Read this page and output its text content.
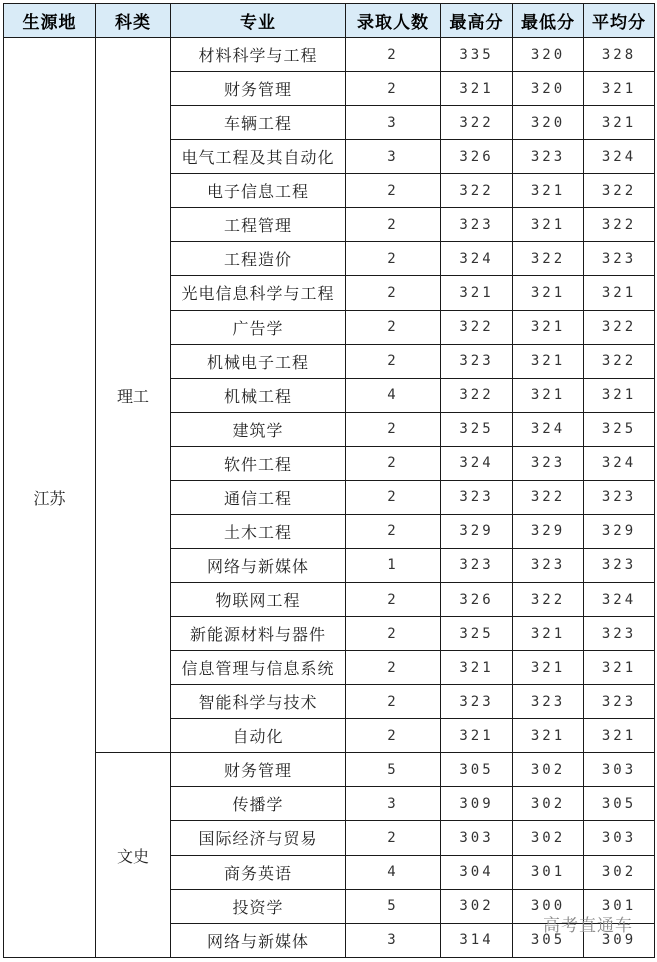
生源地	科类	专业	录取人数	最高分	最低分	平均分
江苏	理工	材料科学与工程	2	335	320	328
		财务管理	2	321	320	321
		车辆工程	3	322	320	321
		电气工程及其自动化	3	326	323	324
		电子信息工程	2	322	321	322
		工程管理	2	323	321	322
		工程造价	2	324	322	323
		光电信息科学与工程	2	321	321	321
		广告学	2	322	321	322
		机械电子工程	2	323	321	322
		机械工程	4	322	321	321
		建筑学	2	325	324	325
		软件工程	2	324	323	324
		通信工程	2	323	322	323
		土木工程	2	329	329	329
		网络与新媒体	1	323	323	323
		物联网工程	2	326	322	324
		新能源材料与器件	2	325	321	323
		信息管理与信息系统	2	321	321	321
		智能科学与技术	2	323	323	323
		自动化	2	321	321	321
	文史	财务管理	5	305	302	303
		传播学	3	309	302	305
		国际经济与贸易	2	303	302	303
		商务英语	4	304	301	302
		投资学	5	302	300	301
		网络与新媒体	3	314	305	309
高考直通车
